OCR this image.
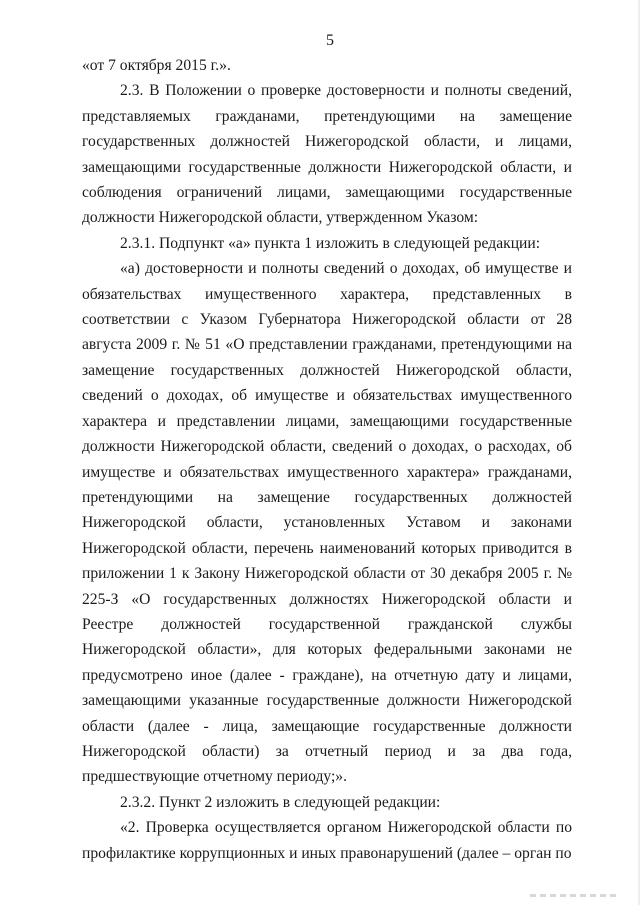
5

«от 7 октября 2015 г.».

2.3. В Положении о проверке достоверности и полноты сведений, представляемых гражданами, претендующими на замещение государственных должностей Нижегородской области, и лицами, замещающими государственные должности Нижегородской области, и соблюдения ограничений лицами, замещающими государственные должности Нижегородской области, утвержденном Указом:

2.3.1. Подпункт «а» пункта 1 изложить в следующей редакции:

«а) достоверности и полноты сведений о доходах, об имуществе и обязательствах имущественного характера, представленных в соответствии с Указом Губернатора Нижегородской области от 28 августа 2009 г. № 51 «О представлении гражданами, претендующими на замещение государственных должностей Нижегородской области, сведений о доходах, об имуществе и обязательствах имущественного характера и представлении лицами, замещающими государственные должности Нижегородской области, сведений о доходах, о расходах, об имуществе и обязательствах имущественного характера» гражданами, претендующими на замещение государственных должностей Нижегородской области, установленных Уставом и законами Нижегородской области, перечень наименований которых приводится в приложении 1 к Закону Нижегородской области от 30 декабря 2005 г. № 225-З «О государственных должностях Нижегородской области и Реестре должностей государственной гражданской службы Нижегородской области», для которых федеральными законами не предусмотрено иное (далее - граждане), на отчетную дату и лицами, замещающими указанные государственные должности Нижегородской области (далее - лица, замещающие государственные должности Нижегородской области) за отчетный период и за два года, предшествующие отчетному периоду;».

2.3.2. Пункт 2 изложить в следующей редакции:

«2. Проверка осуществляется органом Нижегородской области по профилактике коррупционных и иных правонарушений (далее – орган по
